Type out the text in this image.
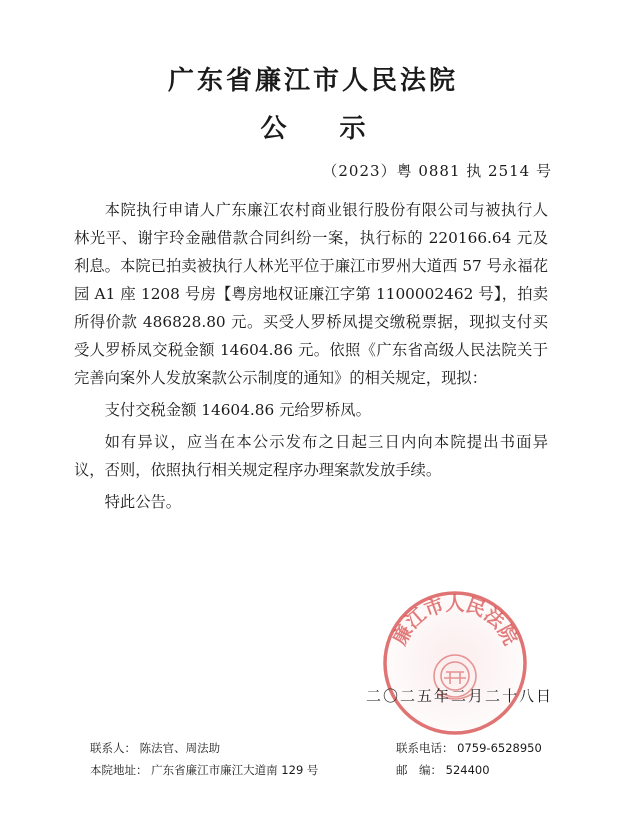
广东省廉江市人民法院
公 示
（2023）粤 0881 执 2514 号

本院执行申请人广东廉江农村商业银行股份有限公司与被执行人林光平、谢宇玲金融借款合同纠纷一案，执行标的 220166.64 元及利息。本院已拍卖被执行人林光平位于廉江市罗州大道西 57 号永福花园 A1 座 1208 号房【粤房地权证廉江字第 1100002462 号】，拍卖所得价款 486828.80 元。买受人罗桥凤提交缴税票据，现拟支付买受人罗桥凤交税金额 14604.86 元。依照《广东省高级人民法院关于完善向案外人发放案款公示制度的通知》的相关规定，现拟：

支付交税金额 14604.86 元给罗桥凤。

如有异议，应当在本公示发布之日起三日内向本院提出书面异议，否则，依照执行相关规定程序办理案款发放手续。

特此公告。

廉江市人民法院
二〇二五年二月二十八日
联系人： 陈法官、周法助
本院地址： 广东省廉江市廉江大道南 129 号
联系电话： 0759-6528950
邮　编： 524400
